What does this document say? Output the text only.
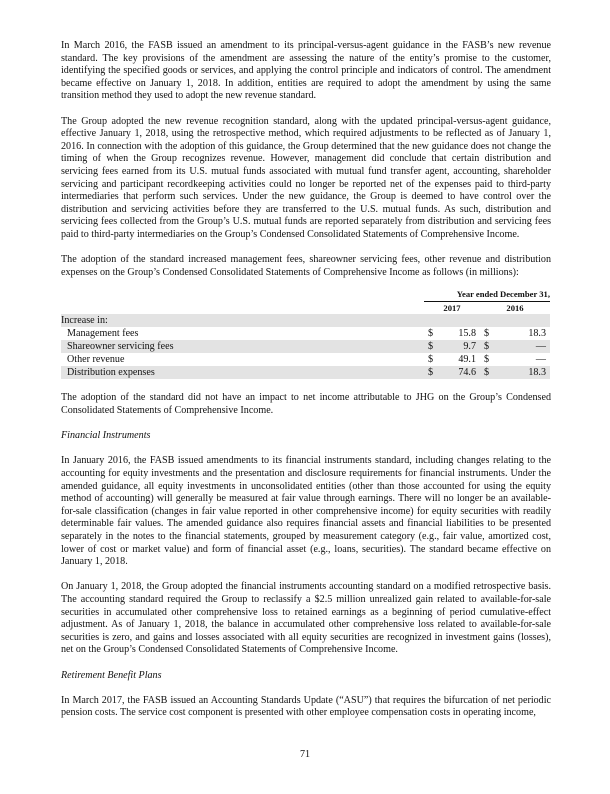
In March 2016, the FASB issued an amendment to its principal-versus-agent guidance in the FASB’s new revenue standard. The key provisions of the amendment are assessing the nature of the entity’s promise to the customer, identifying the specified goods or services, and applying the control principle and indicators of control. The amendment became effective on January 1, 2018. In addition, entities are required to adopt the amendment by using the same transition method they used to adopt the new revenue standard.

The Group adopted the new revenue recognition standard, along with the updated principal-versus-agent guidance, effective January 1, 2018, using the retrospective method, which required adjustments to be reflected as of January 1, 2016. In connection with the adoption of this guidance, the Group determined that the new guidance does not change the timing of when the Group recognizes revenue. However, management did conclude that certain distribution and servicing fees earned from its U.S. mutual funds associated with mutual fund transfer agent, accounting, shareholder servicing and participant recordkeeping activities could no longer be reported net of the expenses paid to third-party intermediaries that perform such services. Under the new guidance, the Group is deemed to have control over the distribution and servicing activities before they are transferred to the U.S. mutual funds. As such, distribution and servicing fees collected from the Group’s U.S. mutual funds are reported separately from distribution and servicing fees paid to third-party intermediaries on the Group’s Condensed Consolidated Statements of Comprehensive Income.

The adoption of the standard increased management fees, shareowner servicing fees, other revenue and distribution expenses on the Group’s Condensed Consolidated Statements of Comprehensive Income as follows (in millions):

	Year ended December 31,			
	2017		2016	
Increase in:				
Management fees	$	15.8	$	18.3
Shareowner servicing fees	$	9.7	$	—
Other revenue	$	49.1	$	—
Distribution expenses	$	74.6	$	18.3

The adoption of the standard did not have an impact to net income attributable to JHG on the Group’s Condensed Consolidated Statements of Comprehensive Income.

Financial Instruments

In January 2016, the FASB issued amendments to its financial instruments standard, including changes relating to the accounting for equity investments and the presentation and disclosure requirements for financial instruments. Under the amended guidance, all equity investments in unconsolidated entities (other than those accounted for using the equity method of accounting) will generally be measured at fair value through earnings. There will no longer be an available-for-sale classification (changes in fair value reported in other comprehensive income) for equity securities with readily determinable fair values. The amended guidance also requires financial assets and financial liabilities to be presented separately in the notes to the financial statements, grouped by measurement category (e.g., fair value, amortized cost, lower of cost or market value) and form of financial asset (e.g., loans, securities). The standard became effective on January 1, 2018.

On January 1, 2018, the Group adopted the financial instruments accounting standard on a modified retrospective basis. The accounting standard required the Group to reclassify a $2.5 million unrealized gain related to available-for-sale securities in accumulated other comprehensive loss to retained earnings as a beginning of period cumulative-effect adjustment. As of January 1, 2018, the balance in accumulated other comprehensive loss related to available-for-sale securities is zero, and gains and losses associated with all equity securities are recognized in investment gains (losses), net on the Group’s Condensed Consolidated Statements of Comprehensive Income.

Retirement Benefit Plans

In March 2017, the FASB issued an Accounting Standards Update (“ASU”) that requires the bifurcation of net periodic pension costs. The service cost component is presented with other employee compensation costs in operating income,

71
